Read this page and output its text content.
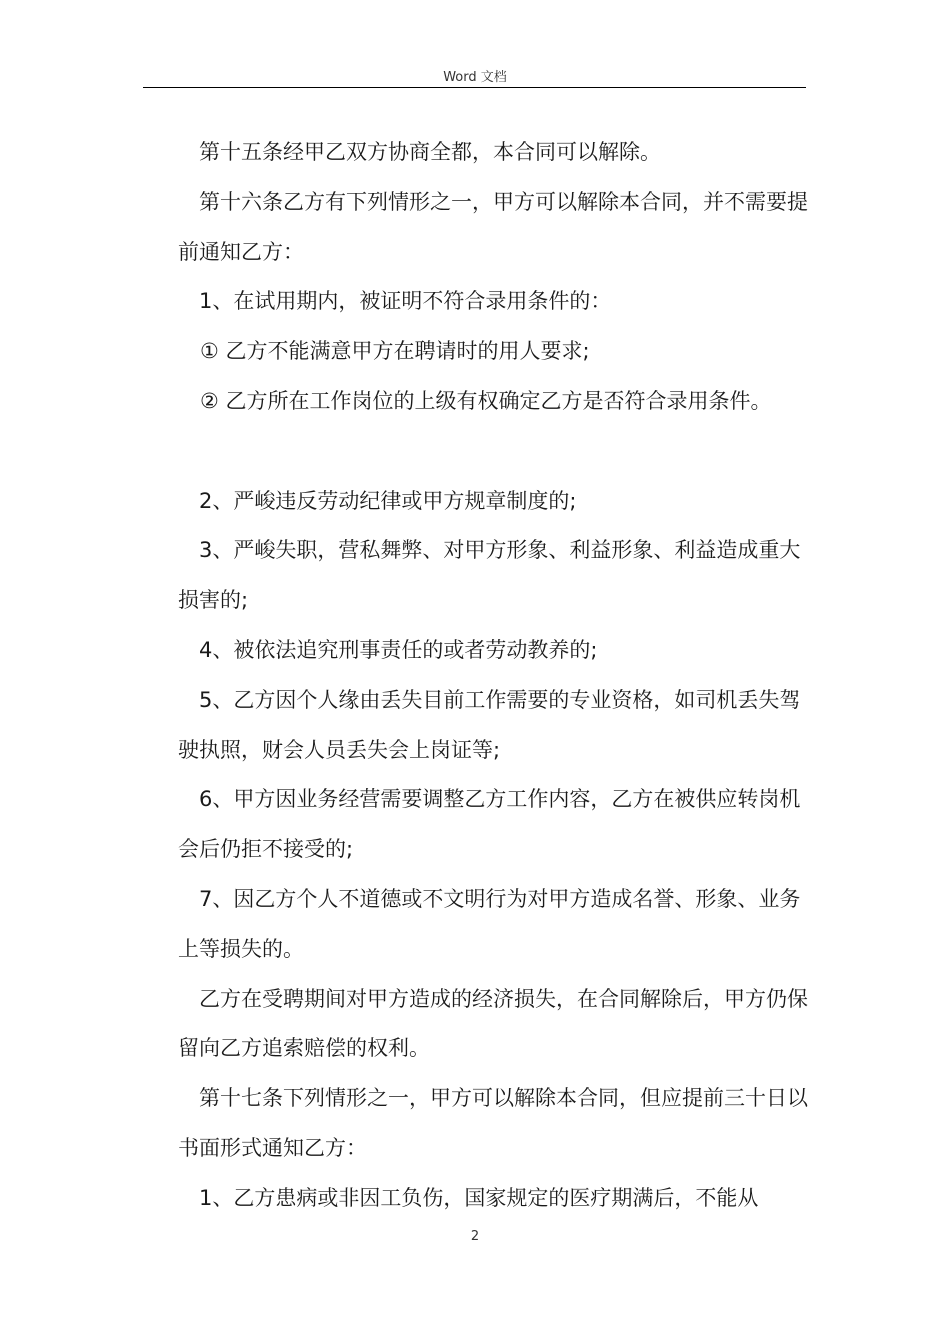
Word 文档

第十五条经甲乙双方协商全都，本合同可以解除。

第十六条乙方有下列情形之一，甲方可以解除本合同，并不需要提前通知乙方：

1、在试用期内，被证明不符合录用条件的：

① 乙方不能满意甲方在聘请时的用人要求;

② 乙方所在工作岗位的上级有权确定乙方是否符合录用条件。

2、严峻违反劳动纪律或甲方规章制度的;

3、严峻失职，营私舞弊、对甲方形象、利益形象、利益造成重大损害的;

4、被依法追究刑事责任的或者劳动教养的;

5、乙方因个人缘由丢失目前工作需要的专业资格，如司机丢失驾驶执照，财会人员丢失会上岗证等;

6、甲方因业务经营需要调整乙方工作内容，乙方在被供应转岗机会后仍拒不接受的;

7、因乙方个人不道德或不文明行为对甲方造成名誉、形象、业务上等损失的。

乙方在受聘期间对甲方造成的经济损失，在合同解除后，甲方仍保留向乙方追索赔偿的权利。

第十七条下列情形之一，甲方可以解除本合同，但应提前三十日以书面形式通知乙方：

1、乙方患病或非因工负伤，国家规定的医疗期满后，不能从

2
